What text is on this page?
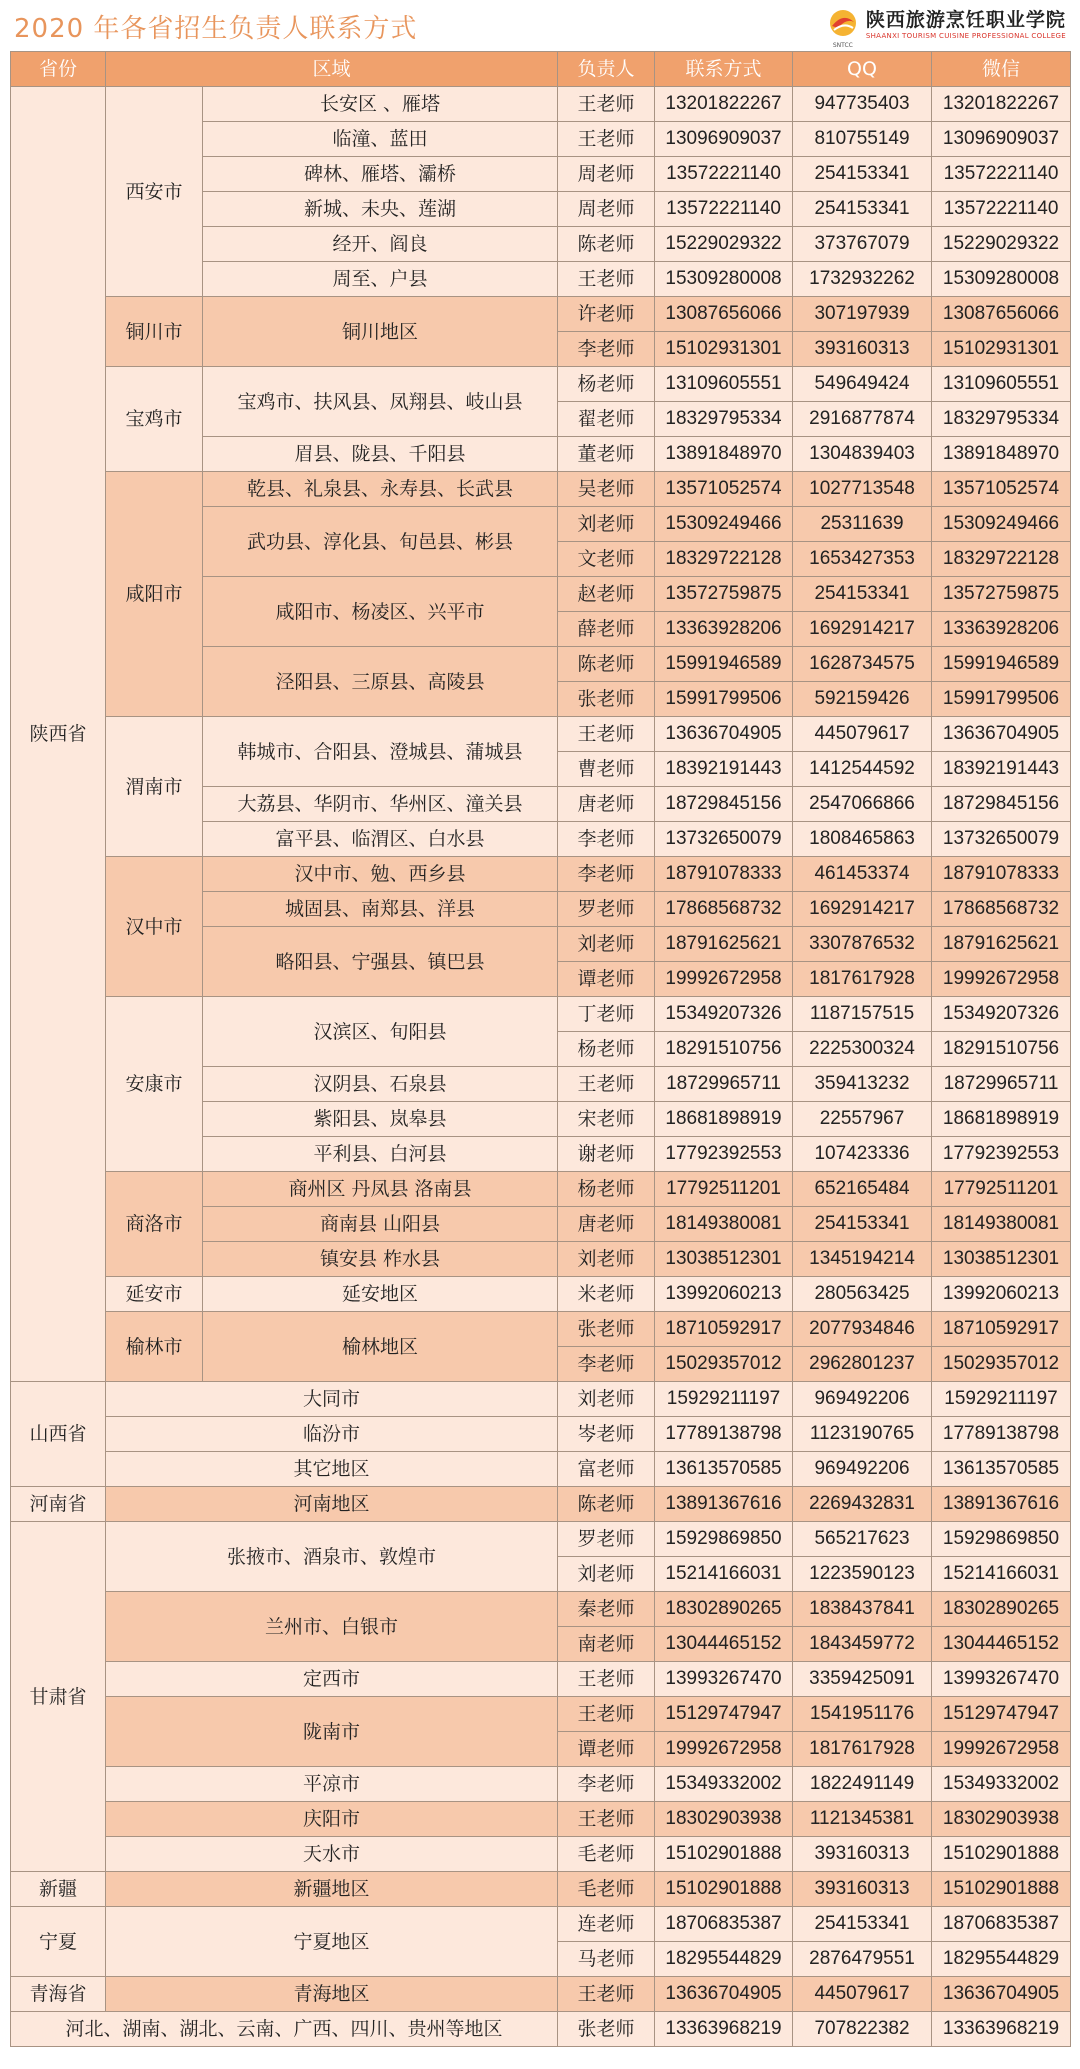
2020 年各省招生负责人联系方式
SNTCC
陕西旅游烹饪职业学院
SHAANXI TOURISM CUISINE PROFESSIONAL COLLEGE
省份	区域		负责人	联系方式	QQ	微信
陕西省	西安市	长安区 、雁塔	王老师	13201822267	947735403	13201822267
		临潼、蓝田	王老师	13096909037	810755149	13096909037
		碑林、雁塔、灞桥	周老师	13572221140	254153341	13572221140
		新城、未央、莲湖	周老师	13572221140	254153341	13572221140
		经开、阎良	陈老师	15229029322	373767079	15229029322
		周至、户县	王老师	15309280008	1732932262	15309280008
	铜川市	铜川地区	许老师	13087656066	307197939	13087656066
			李老师	15102931301	393160313	15102931301
	宝鸡市	宝鸡市、扶风县、凤翔县、岐山县	杨老师	13109605551	549649424	13109605551
			翟老师	18329795334	2916877874	18329795334
		眉县、陇县、千阳县	董老师	13891848970	1304839403	13891848970
	咸阳市	乾县、礼泉县、永寿县、长武县	吴老师	13571052574	1027713548	13571052574
		武功县、淳化县、旬邑县、彬县	刘老师	15309249466	25311639	15309249466
			文老师	18329722128	1653427353	18329722128
		咸阳市、杨凌区、兴平市	赵老师	13572759875	254153341	13572759875
			薛老师	13363928206	1692914217	13363928206
		泾阳县、三原县、高陵县	陈老师	15991946589	1628734575	15991946589
			张老师	15991799506	592159426	15991799506
	渭南市	韩城市、合阳县、澄城县、蒲城县	王老师	13636704905	445079617	13636704905
			曹老师	18392191443	1412544592	18392191443
		大荔县、华阴市、华州区、潼关县	唐老师	18729845156	2547066866	18729845156
		富平县、临渭区、白水县	李老师	13732650079	1808465863	13732650079
	汉中市	汉中市、勉、西乡县	李老师	18791078333	461453374	18791078333
		城固县、南郑县、洋县	罗老师	17868568732	1692914217	17868568732
		略阳县、宁强县、镇巴县	刘老师	18791625621	3307876532	18791625621
			谭老师	19992672958	1817617928	19992672958
	安康市	汉滨区、旬阳县	丁老师	15349207326	1187157515	15349207326
			杨老师	18291510756	2225300324	18291510756
		汉阴县、石泉县	王老师	18729965711	359413232	18729965711
		紫阳县、岚皋县	宋老师	18681898919	22557967	18681898919
		平利县、白河县	谢老师	17792392553	107423336	17792392553
	商洛市	商州区 丹凤县 洛南县	杨老师	17792511201	652165484	17792511201
		商南县 山阳县	唐老师	18149380081	254153341	18149380081
		镇安县 柞水县	刘老师	13038512301	1345194214	13038512301
	延安市	延安地区	米老师	13992060213	280563425	13992060213
	榆林市	榆林地区	张老师	18710592917	2077934846	18710592917
			李老师	15029357012	2962801237	15029357012
山西省	大同市		刘老师	15929211197	969492206	15929211197
	临汾市		岑老师	17789138798	1123190765	17789138798
	其它地区		富老师	13613570585	969492206	13613570585
河南省	河南地区		陈老师	13891367616	2269432831	13891367616
甘肃省	张掖市、酒泉市、敦煌市		罗老师	15929869850	565217623	15929869850
			刘老师	15214166031	1223590123	15214166031
	兰州市、白银市		秦老师	18302890265	1838437841	18302890265
			南老师	13044465152	1843459772	13044465152
	定西市		王老师	13993267470	3359425091	13993267470
	陇南市		王老师	15129747947	1541951176	15129747947
			谭老师	19992672958	1817617928	19992672958
	平凉市		李老师	15349332002	1822491149	15349332002
	庆阳市		王老师	18302903938	1121345381	18302903938
	天水市		毛老师	15102901888	393160313	15102901888
新疆	新疆地区		毛老师	15102901888	393160313	15102901888
宁夏	宁夏地区		连老师	18706835387	254153341	18706835387
			马老师	18295544829	2876479551	18295544829
青海省	青海地区		王老师	13636704905	445079617	13636704905
河北、湖南、湖北、云南、广西、四川、贵州等地区			张老师	13363968219	707822382	13363968219
